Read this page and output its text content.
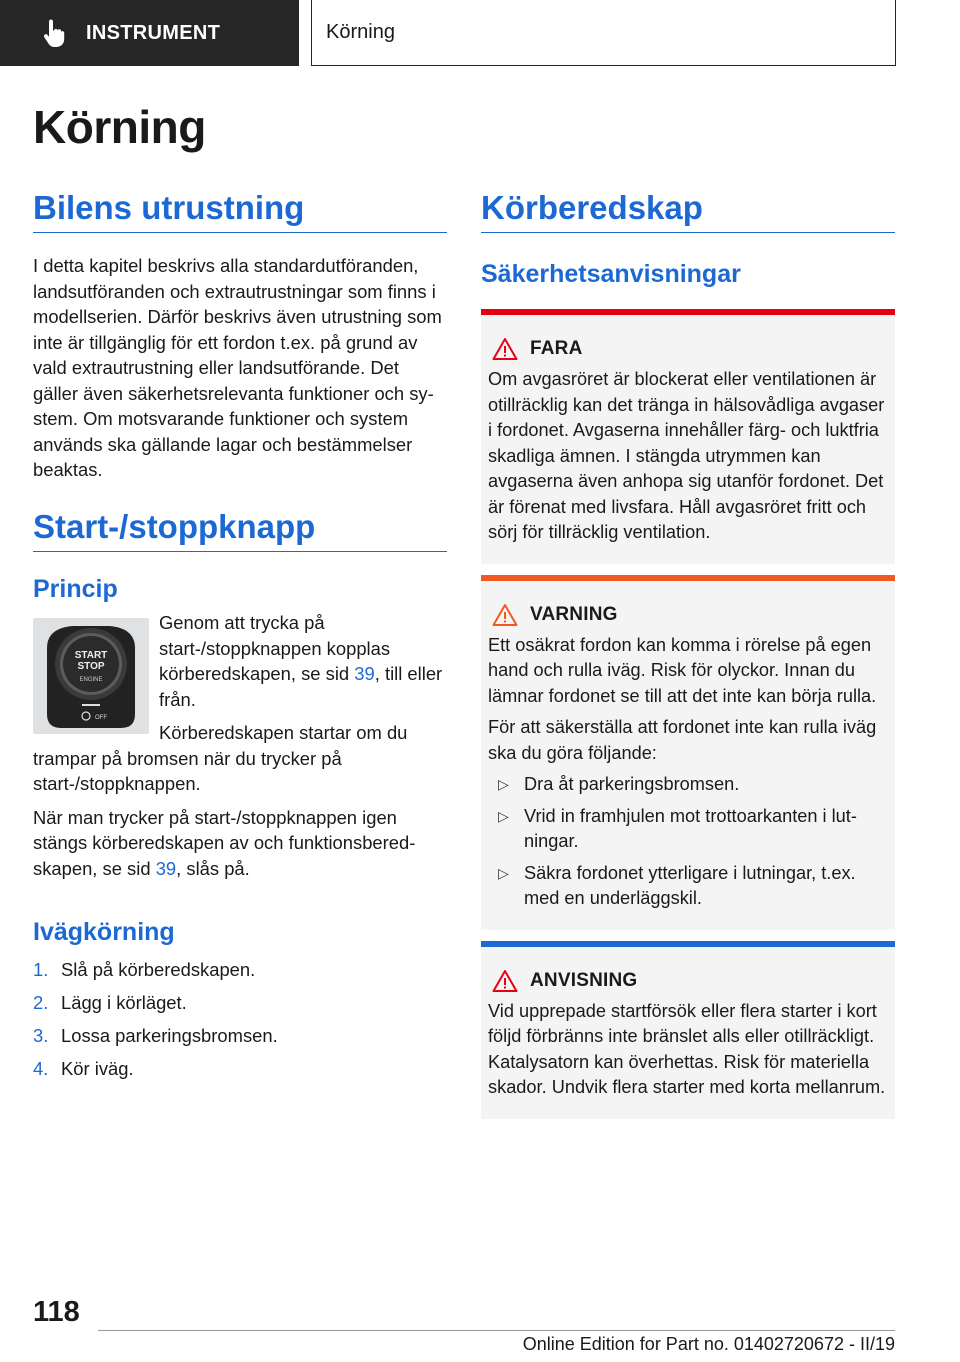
INSTRUMENT	Körning
Körning
Bilens utrustning

I detta kapitel beskrivs alla standardutföranden, landsutföranden och extrautrustningar som finns i modellserien. Därför beskrivs även utrustning som inte är tillgänglig för ett fordon t.ex. på grund av vald extrautrustning eller landsutförande. Det gäller även säkerhetsrelevanta funktioner och system. Om motsvarande funktioner och system används ska gällande lagar och bestämmelser beaktas.

Start-/stoppknapp
Princip
START
STOP
ENGINE
OFF

Genom att trycka på start-/stoppknappen kopplas körberedskapen, se sid 39, till eller från.

Körberedskapen startar om du trampar på bromsen när du trycker på start-/stoppknappen.

När man trycker på start-/stoppknappen igen stängs körberedskapen av och funktionsberedskapen, se sid 39, slås på.

Ivägkörning
1. Slå på körberedskapen.
2. Lägg i körläget.
3. Lossa parkeringsbromsen.
4. Kör iväg.
Körberedskap
Säkerhetsanvisningar
FARA

Om avgasröret är blockerat eller ventilationen är otillräcklig kan det tränga in hälsovådliga avgaser i fordonet. Avgaserna innehåller färg- och luktfria skadliga ämnen. I stängda utrymmen kan avgaserna även anhopa sig utanför fordonet. Det är förenat med livsfara. Håll avgasröret fritt och sörj för tillräcklig ventilation.

VARNING

Ett osäkrat fordon kan komma i rörelse på egen hand och rulla iväg. Risk för olyckor. Innan du lämnar fordonet se till att det inte kan börja rulla.

För att säkerställa att fordonet inte kan rulla iväg ska du göra följande:

▷ Dra åt parkeringsbromsen.
▷ Vrid in framhjulen mot trottoarkanten i lutningar.
▷ Säkra fordonet ytterligare i lutningar, t.ex. med en underläggskil.
ANVISNING

Vid upprepade startförsök eller flera starter i kort följd förbränns inte bränslet alls eller otillräckligt. Katalysatorn kan överhettas. Risk för materiella skador. Undvik flera starter med korta mellanrum.

118
Online Edition for Part no. 01402720672 - II/19
